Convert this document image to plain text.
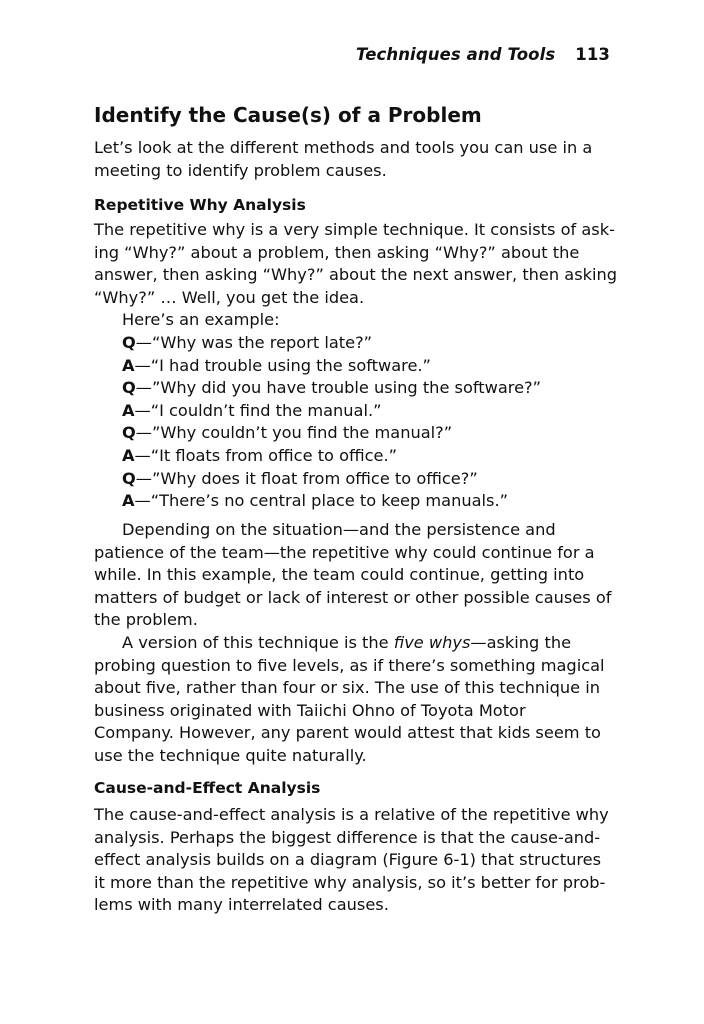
Techniques and Tools 113
Identify the Cause(s) of a Problem
Let’s look at the different methods and tools you can use in a
meeting to identify problem causes.
Repetitive Why Analysis
The repetitive why is a very simple technique. It consists of ask-
ing “Why?” about a problem, then asking “Why?” about the
answer, then asking “Why?” about the next answer, then asking
“Why?” … Well, you get the idea.
Here’s an example:
Q—“Why was the report late?”
A—“I had trouble using the software.”
Q—”Why did you have trouble using the software?”
A—“I couldn’t find the manual.”
Q—”Why couldn’t you find the manual?”
A—“It floats from office to office.”
Q—”Why does it float from office to office?”
A—“There’s no central place to keep manuals.”
Depending on the situation—and the persistence and
patience of the team—the repetitive why could continue for a
while. In this example, the team could continue, getting into
matters of budget or lack of interest or other possible causes of
the problem.
A version of this technique is the five whys—asking the
probing question to five levels, as if there’s something magical
about five, rather than four or six. The use of this technique in
business originated with Taiichi Ohno of Toyota Motor
Company. However, any parent would attest that kids seem to
use the technique quite naturally.
Cause-and-Effect Analysis
The cause-and-effect analysis is a relative of the repetitive why
analysis. Perhaps the biggest difference is that the cause-and-
effect analysis builds on a diagram (Figure 6-1) that structures
it more than the repetitive why analysis, so it’s better for prob-
lems with many interrelated causes.
